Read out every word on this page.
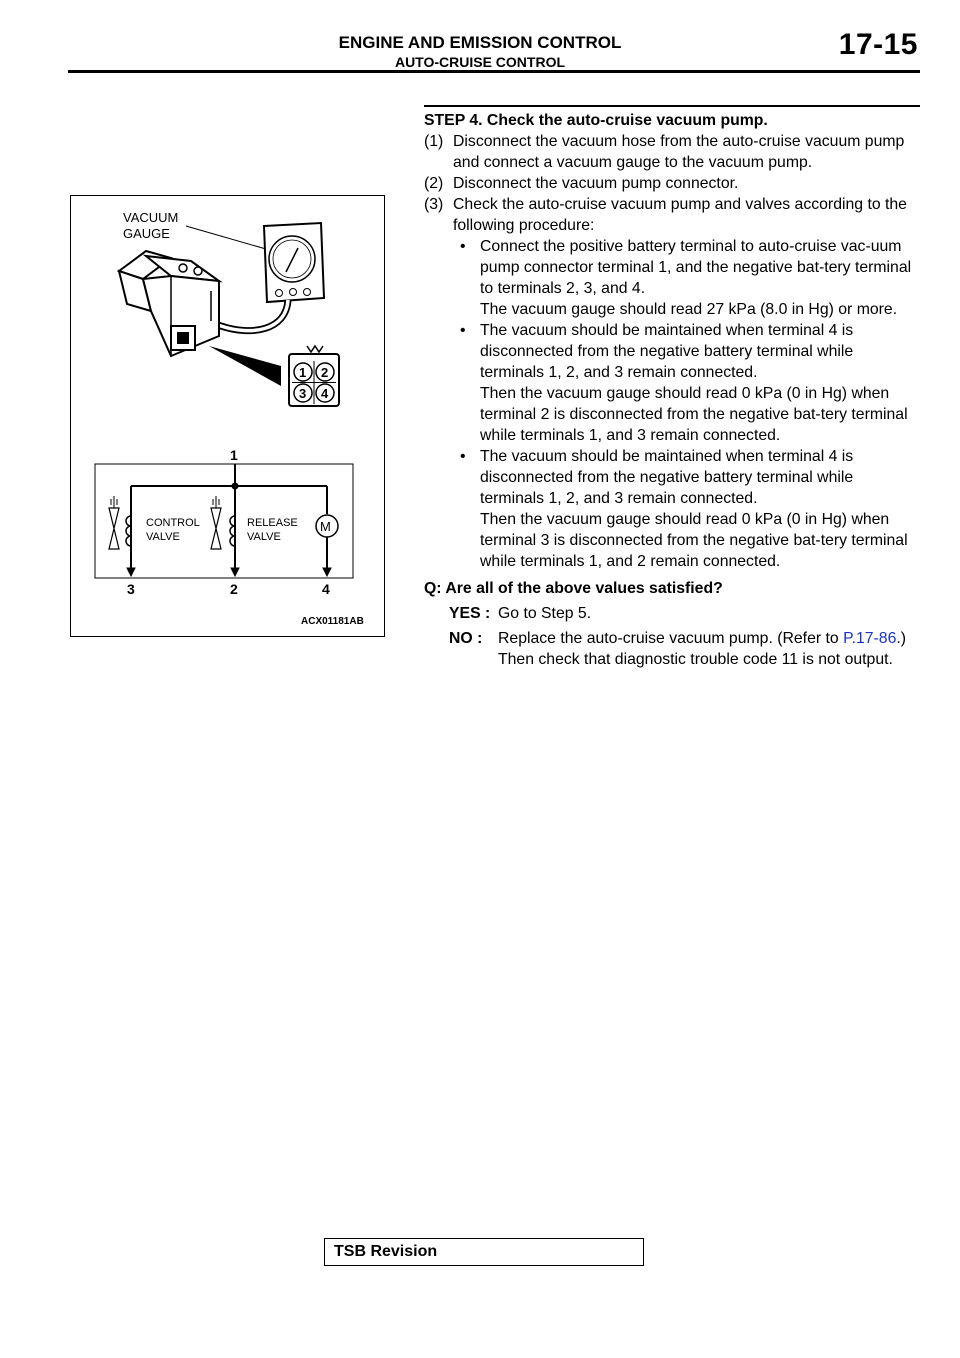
ENGINE AND EMISSION CONTROL
AUTO-CRUISE CONTROL
17-15
VACUUM
GAUGE
1 2
3 4
1
M
CONTROL
VALVE
RELEASE
VALVE
3	2	4
ACX01181AB
STEP 4. Check the auto-cruise vacuum pump.
(1) Disconnect the vacuum hose from the auto-cruise vacuum pump and connect a vacuum gauge to the vacuum pump.
(2) Disconnect the vacuum pump connector.
(3) Check the auto-cruise vacuum pump and valves according to the following procedure:
• Connect the positive battery terminal to auto-cruise vac-uum pump connector terminal 1, and the negative bat-tery terminal to terminals 2, 3, and 4.
The vacuum gauge should read 27 kPa (8.0 in Hg) or more.
• The vacuum should be maintained when terminal 4 is disconnected from the negative battery terminal while terminals 1, 2, and 3 remain connected.
Then the vacuum gauge should read 0 kPa (0 in Hg) when terminal 2 is disconnected from the negative bat-tery terminal while terminals 1, and 3 remain connected.
• The vacuum should be maintained when terminal 4 is disconnected from the negative battery terminal while terminals 1, 2, and 3 remain connected.
Then the vacuum gauge should read 0 kPa (0 in Hg) when terminal 3 is disconnected from the negative bat-tery terminal while terminals 1, and 2 remain connected.
Q: Are all of the above values satisfied?
YES : Go to Step 5.
NO : Replace the auto-cruise vacuum pump. (Refer to P.17-86.)
Then check that diagnostic trouble code 11 is not output.
TSB Revision
